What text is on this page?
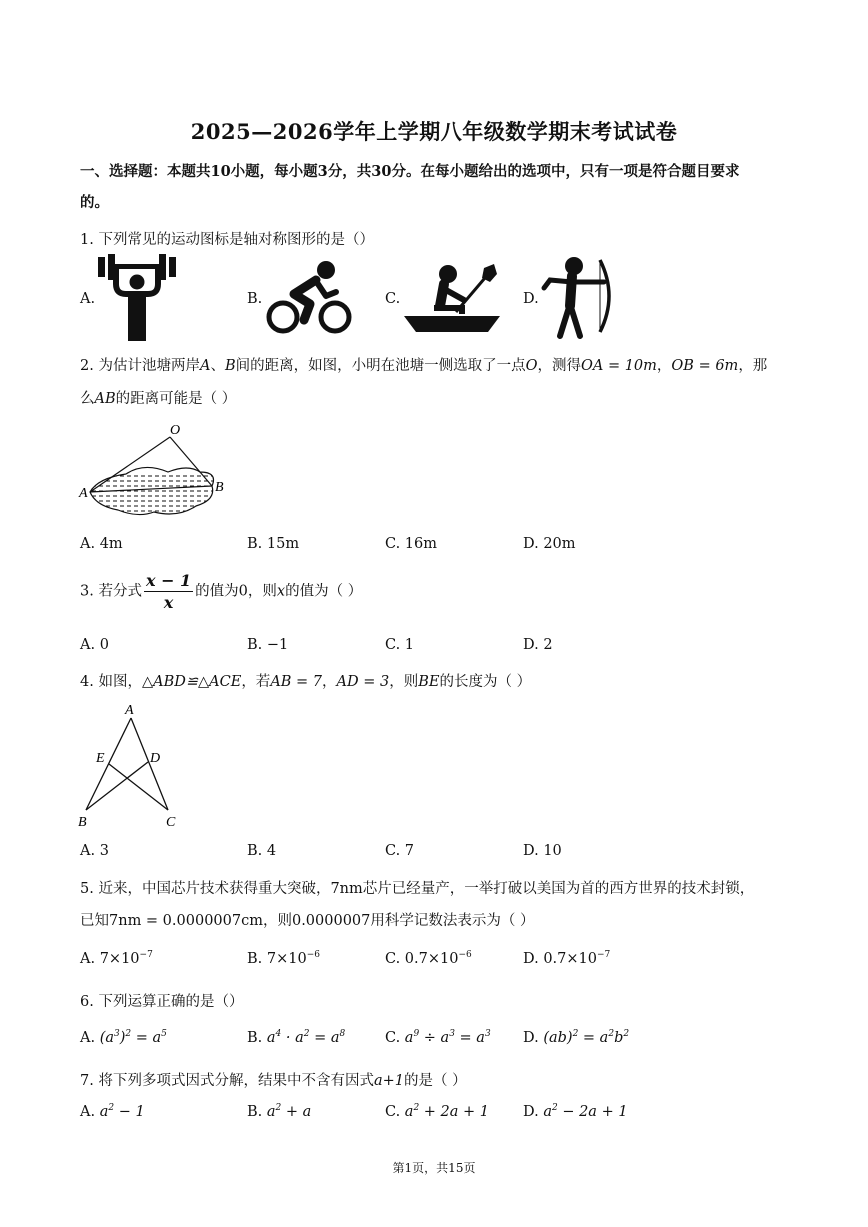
2025—2026学年上学期八年级数学期末考试试卷
一、选择题：本题共10小题，每小题3分，共30分。在每小题给出的选项中，只有一项是符合题目要求
的。
1. 下列常见的运动图标是轴对称图形的是（）
A.	B.	C.	D.
2. 为估计池塘两岸A、B间的距离，如图，小明在池塘一侧选取了一点O，测得OA = 10m，OB = 6m，那
么AB的距离可能是（ ）
O
A	B
A. 4m	B. 15m	C. 16m	D. 20m
3. 若分式 $\frac{x - 1}{x}$ 的值为0，则x的值为（ ）
A. 0	B. −1	C. 1	D. 2
4. 如图，△ABD≌△ACE，若AB = 7，AD = 3，则BE的长度为（ ）
A
E	D
B	C
A. 3	B. 4	C. 7	D. 10
5. 近来，中国芯片技术获得重大突破，7nm芯片已经量产，一举打破以美国为首的西方世界的技术封锁，
已知7nm = 0.0000007cm，则0.0000007用科学记数法表示为（ ）
A. $7\times 10^{-7}$	B. $7\times 10^{-6}$	C. $0.7\times 10^{-6}$	D. $0.7\times 10^{-7}$
6. 下列运算正确的是（）
A. $(a^3)^2 = a^5$	B. $a^4 \cdot a^2 = a^8$	C. $a^9 \div a^3 = a^3$ D. $(ab)^2 = a^2b^2$
7. 将下列多项式因式分解，结果中不含有因式a+1的是（ ）
A. $a^2 - 1$	B. $a^2 + a$	C. $a^2 + 2a + 1$ D. $a^2 - 2a + 1$
第1页，共15页
